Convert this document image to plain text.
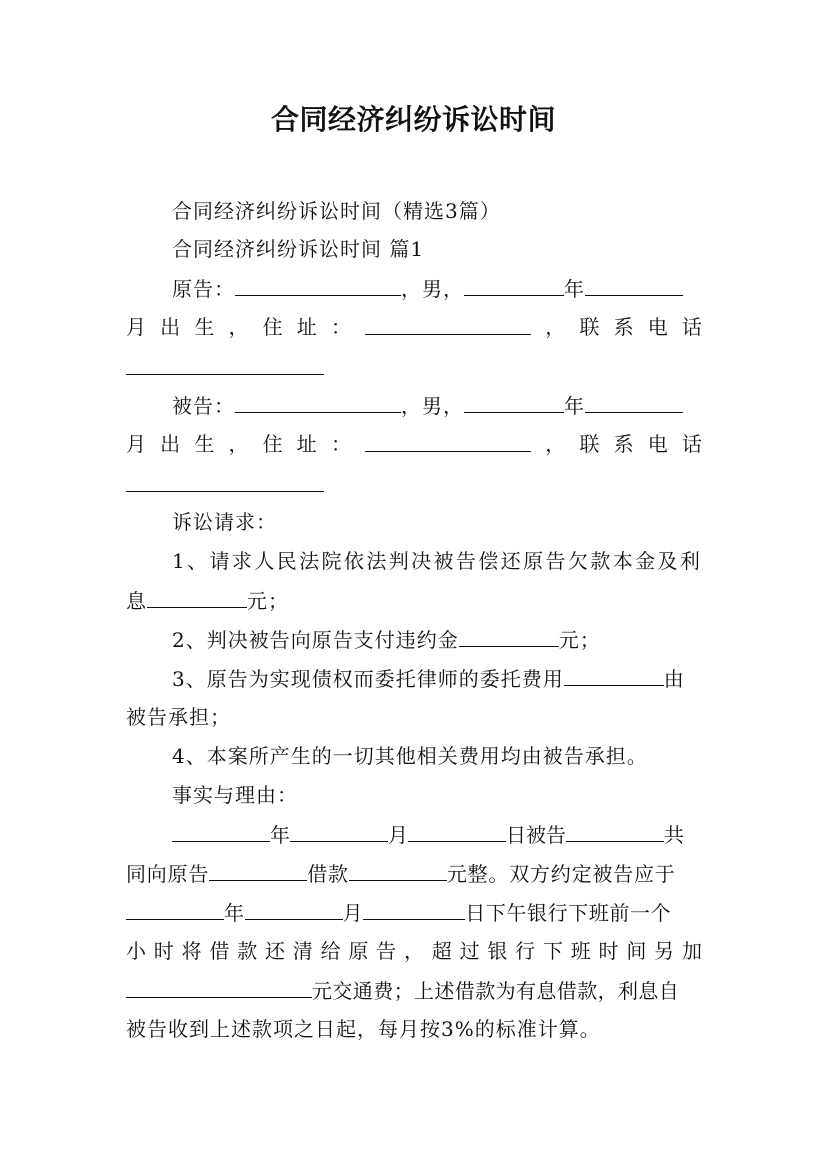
合同经济纠纷诉讼时间
合同经济纠纷诉讼时间（精选3篇）
合同经济纠纷诉讼时间 篇1
原告：	，男，	年
月 出 生 ， 住 址 ：	， 联 系 电 话
被告：	，男，	年
月 出 生 ， 住 址 ：	， 联 系 电 话
诉讼请求：
1、请求人民法院依法判决被告偿还原告欠款本金及利
息	元；
2、判决被告向原告支付违约金	元；
3、原告为实现债权而委托律师的委托费用	由
被告承担；
4、本案所产生的一切其他相关费用均由被告承担。
事实与理由：
年	月	日被告	共
同向原告	借款	元整。双方约定被告应于
年	月	日下午银行下班前一个
小 时 将 借 款 还 清 给 原 告 ， 超 过 银 行 下 班 时 间 另 加
元交通费；上述借款为有息借款，利息自
被告收到上述款项之日起，每月按3%的标准计算。
